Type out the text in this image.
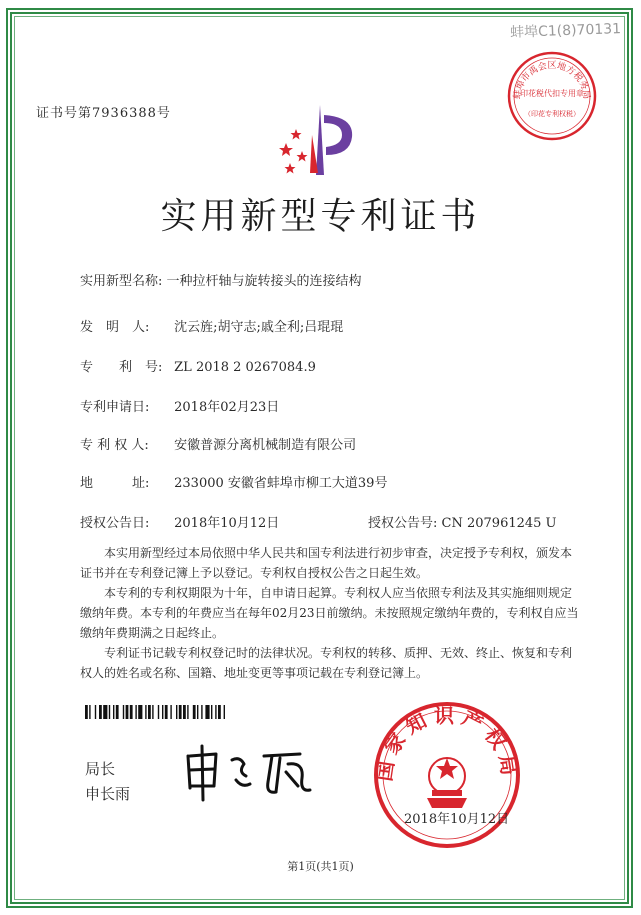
蚌埠C1(8)70131
蚌埠市禹会区地方税务局
印花税代扣专用章
（印花专利权税）
证书号第7936388号
实用新型专利证书
实用新型名称: 一种拉杆轴与旋转接头的连接结构
发　明　人: 沈云旌;胡守志;戚全利;吕琨琨
专　　利　号: ZL 2018 2 0267084.9
专利申请日: 2018年02月23日
专 利 权 人: 安徽普源分离机械制造有限公司
地　　　址: 233000 安徽省蚌埠市柳工大道39号
授权公告日: 2018年10月12日	授权公告号: CN 207961245 U

本实用新型经过本局依照中华人民共和国专利法进行初步审查，决定授予专利权，颁发本证书并在专利登记簿上予以登记。专利权自授权公告之日起生效。

本专利的专利权期限为十年，自申请日起算。专利权人应当依照专利法及其实施细则规定缴纳年费。本专利的年费应当在每年02月23日前缴纳。未按照规定缴纳年费的，专利权自应当缴纳年费期满之日起终止。

专利证书记载专利权登记时的法律状况。专利权的转移、质押、无效、终止、恢复和专利权人的姓名或名称、国籍、地址变更等事项记载在专利登记簿上。

局长
申长雨
国家知识产权局
2018年10月12日
第1页(共1页)
